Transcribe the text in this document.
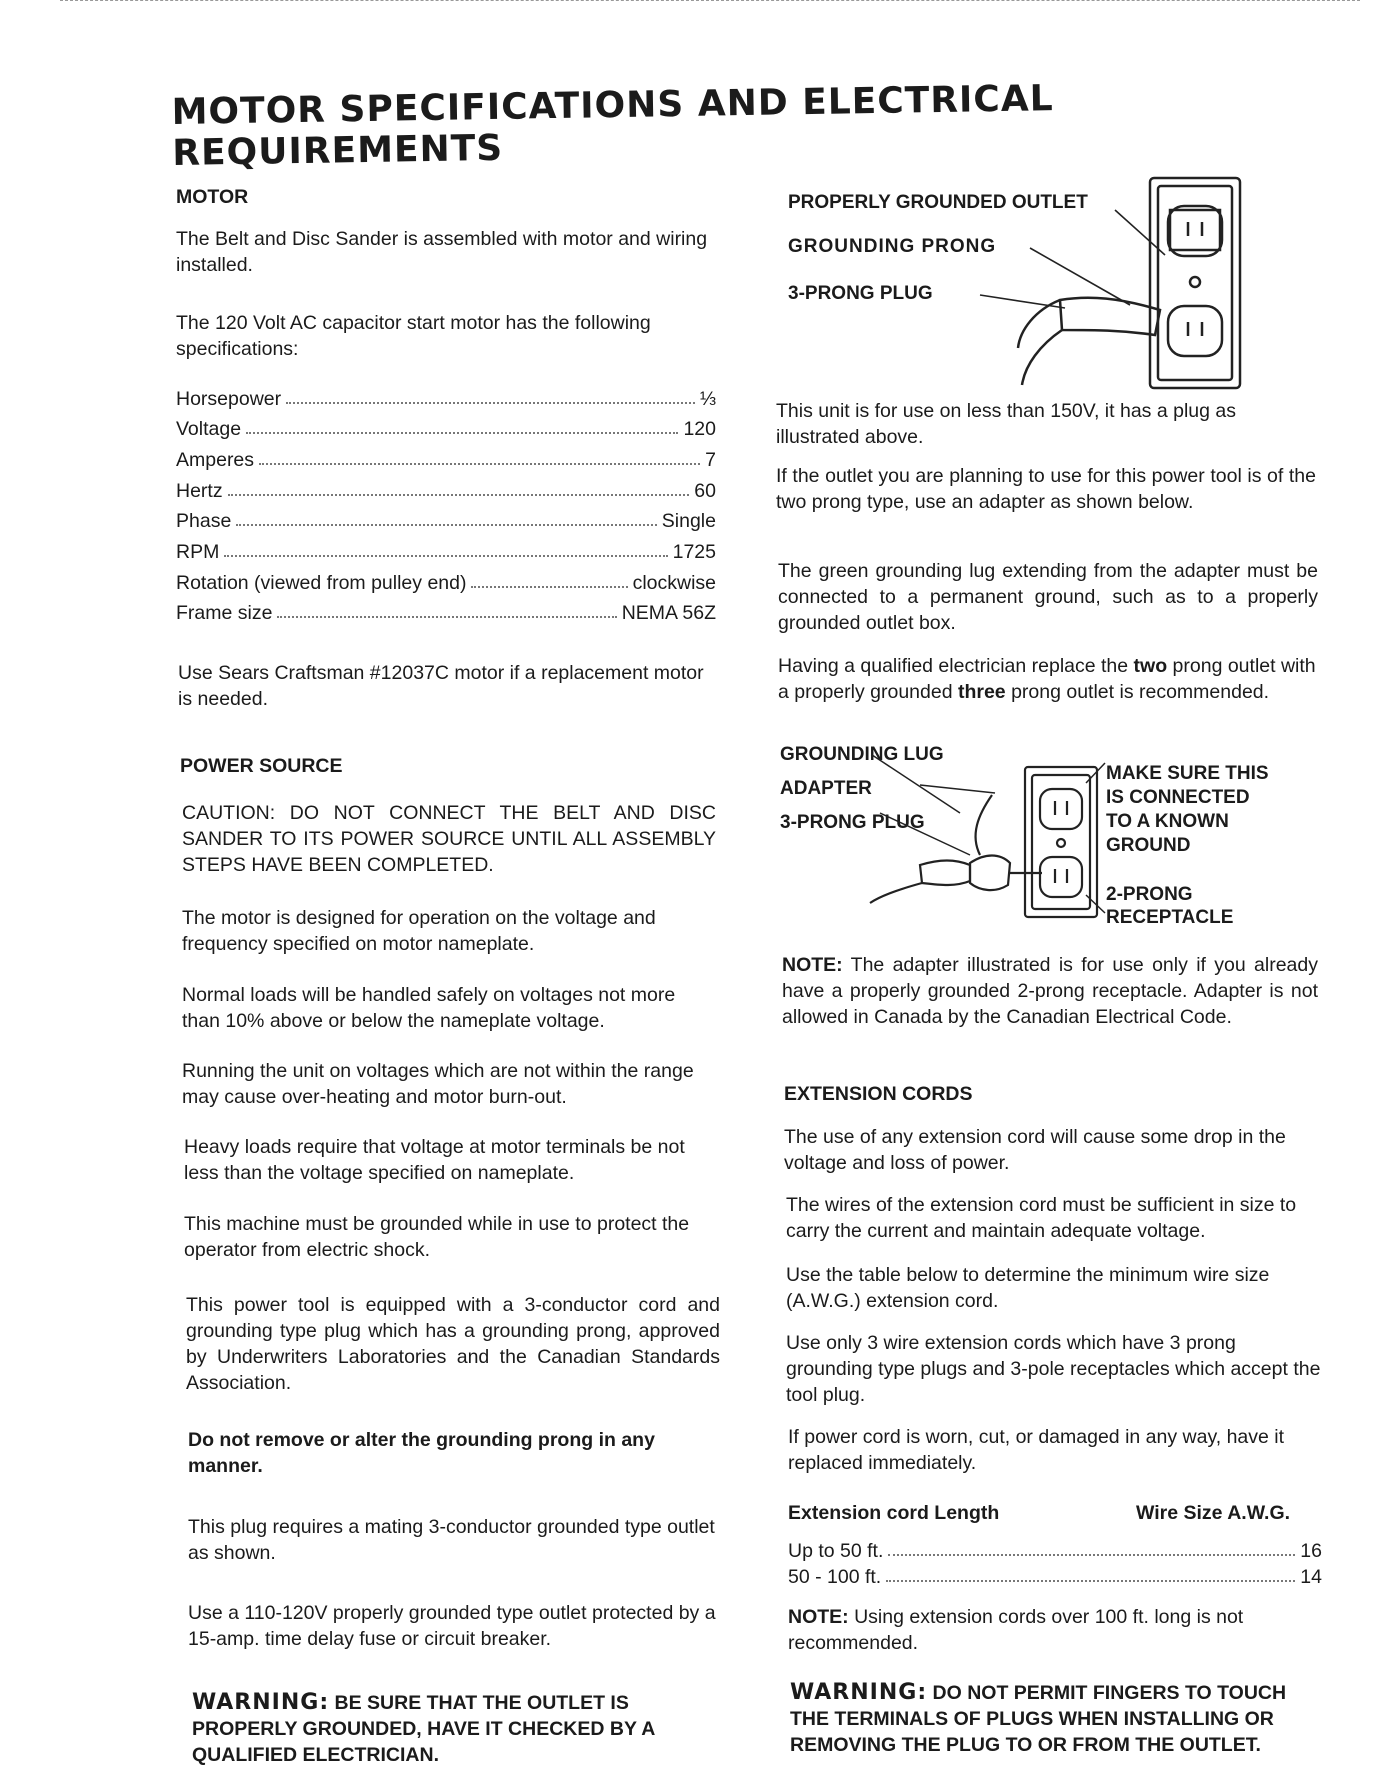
MOTOR SPECIFICATIONS AND ELECTRICAL REQUIREMENTS
MOTOR
The Belt and Disc Sander is assembled with motor and wiring installed.
The 120 Volt AC capacitor start motor has the following specifications:
Horsepower	⅓
Voltage	120
Amperes	7
Hertz	60
Phase	Single
RPM	1725
Rotation (viewed from pulley end)	clockwise
Frame size	NEMA 56Z
Use Sears Craftsman #12037C motor if a replacement motor is needed.
POWER SOURCE
CAUTION: DO NOT CONNECT THE BELT AND DISC SANDER TO ITS POWER SOURCE UNTIL ALL ASSEMBLY STEPS HAVE BEEN COMPLETED.
The motor is designed for operation on the voltage and frequency specified on motor nameplate.
Normal loads will be handled safely on voltages not more than 10% above or below the nameplate voltage.
Running the unit on voltages which are not within the range may cause over-heating and motor burn-out.
Heavy loads require that voltage at motor terminals be not less than the voltage specified on nameplate.
This machine must be grounded while in use to protect the operator from electric shock.
This power tool is equipped with a 3-conductor cord and grounding type plug which has a grounding prong, approved by Underwriters Laboratories and the Canadian Standards Association.
Do not remove or alter the grounding prong in any manner.
This plug requires a mating 3-conductor grounded type outlet as shown.
Use a 110-120V properly grounded type outlet protected by a 15-amp. time delay fuse or circuit breaker.
WARNING: BE SURE THAT THE OUTLET IS PROPERLY GROUNDED, HAVE IT CHECKED BY A QUALIFIED ELECTRICIAN.
PROPERLY GROUNDED OUTLET
GROUNDING PRONG
3-PRONG PLUG
This unit is for use on less than 150V, it has a plug as illustrated above.
If the outlet you are planning to use for this power tool is of the two prong type, use an adapter as shown below.
The green grounding lug extending from the adapter must be connected to a permanent ground, such as to a properly grounded outlet box.
Having a qualified electrician replace the two prong outlet with a properly grounded three prong outlet is recommended.
GROUNDING LUG
ADAPTER
3-PRONG PLUG
MAKE SURE THIS
IS CONNECTED
TO A KNOWN
GROUND
2-PRONG
RECEPTACLE
NOTE: The adapter illustrated is for use only if you already have a properly grounded 2-prong receptacle. Adapter is not allowed in Canada by the Canadian Electrical Code.
EXTENSION CORDS
The use of any extension cord will cause some drop in the voltage and loss of power.
The wires of the extension cord must be sufficient in size to carry the current and maintain adequate voltage.
Use the table below to determine the minimum wire size (A.W.G.) extension cord.
Use only 3 wire extension cords which have 3 prong grounding type plugs and 3-pole receptacles which accept the tool plug.
If power cord is worn, cut, or damaged in any way, have it replaced immediately.
Extension cord Length	Wire Size A.W.G.
Up to 50 ft.	16
50 - 100 ft.	14
NOTE: Using extension cords over 100 ft. long is not recommended.
WARNING: DO NOT PERMIT FINGERS TO TOUCH THE TERMINALS OF PLUGS WHEN INSTALLING OR REMOVING THE PLUG TO OR FROM THE OUTLET.
